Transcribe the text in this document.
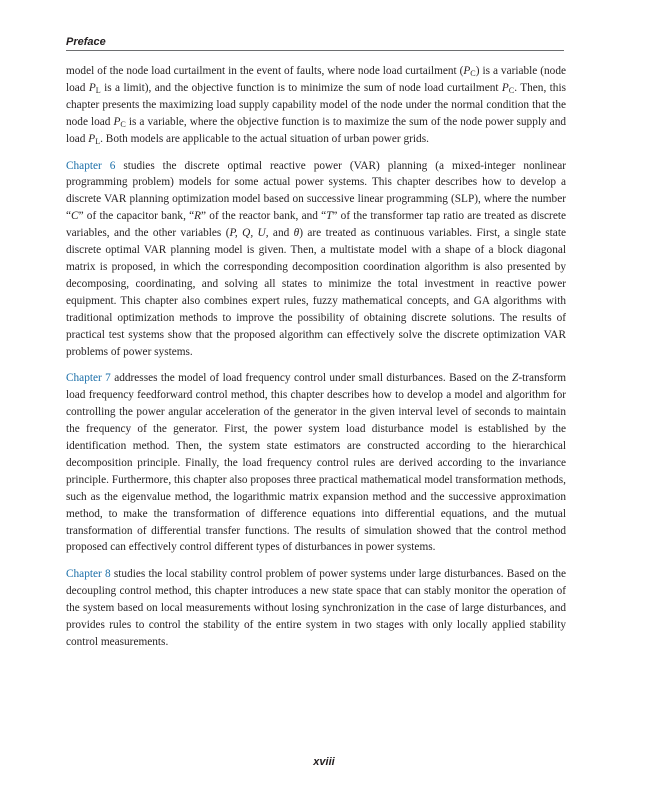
Preface

model of the node load curtailment in the event of faults, where node load curtailment $(P_C)$ is a variable (node load $P_L$ is a limit), and the objective function is to minimize the sum of node load curtailment $P_C$. Then, this chapter presents the maximizing load supply capability model of the node under the normal condition that the node load $P_C$ is a variable, where the objective function is to maximize the sum of the node power supply and load $P_L$. Both models are applicable to the actual situation of urban power grids.

Chapter 6 studies the discrete optimal reactive power (VAR) planning (a mixed-integer nonlinear programming problem) models for some actual power systems. This chapter describes how to develop a discrete VAR planning optimization model based on successive linear programming (SLP), where the number “C” of the capacitor bank, “R” of the reactor bank, and “T” of the transformer tap ratio are treated as discrete variables, and the other variables (P, Q, U, and θ) are treated as continuous variables. First, a single state discrete optimal VAR planning model is given. Then, a multistate model with a shape of a block diagonal matrix is proposed, in which the corresponding decomposition coordination algorithm is also presented by decomposing, coordinating, and solving all states to minimize the total investment in reactive power equipment. This chapter also combines expert rules, fuzzy mathematical concepts, and GA algorithms with traditional optimization methods to improve the possibility of obtaining discrete solutions. The results of practical test systems show that the proposed algorithm can effectively solve the discrete optimization VAR problems of power systems.

Chapter 7 addresses the model of load frequency control under small disturbances. Based on the Z-transform load frequency feedforward control method, this chapter describes how to develop a model and algorithm for controlling the power angular acceleration of the generator in the given interval level of seconds to maintain the frequency of the generator. First, the power system load disturbance model is established by the identification method. Then, the system state estimators are constructed according to the hierarchical decomposition principle. Finally, the load frequency control rules are derived according to the invariance principle. Furthermore, this chapter also proposes three practical mathematical model transformation methods, such as the eigenvalue method, the logarithmic matrix expansion method and the successive approximation method, to make the transformation of difference equations into differential equations, and the mutual transformation of differential transfer functions. The results of simulation showed that the control method proposed can effectively control different types of disturbances in power systems.

Chapter 8 studies the local stability control problem of power systems under large disturbances. Based on the decoupling control method, this chapter introduces a new state space that can stably monitor the operation of the system based on local measurements without losing synchronization in the case of large disturbances, and provides rules to control the stability of the entire system in two stages with only locally applied stability control measurements.

xviii
